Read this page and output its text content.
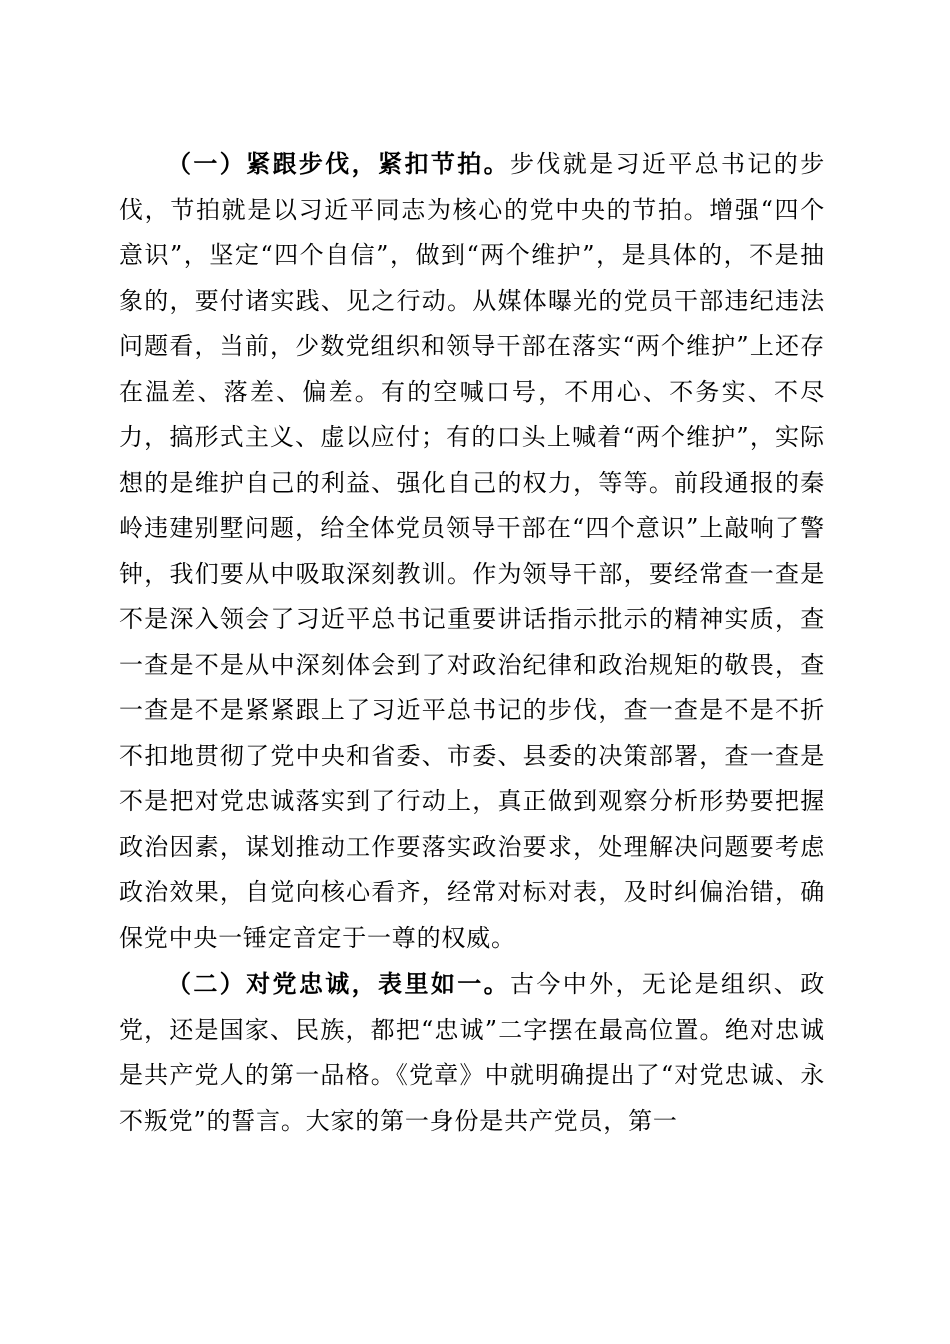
（一）紧跟步伐，紧扣节拍。步伐就是习近平总书记的步伐，节拍就是以习近平同志为核心的党中央的节拍。增强“四个意识”，坚定“四个自信”，做到“两个维护”，是具体的，不是抽象的，要付诸实践、见之行动。从媒体曝光的党员干部违纪违法问题看，当前，少数党组织和领导干部在落实“两个维护”上还存在温差、落差、偏差。有的空喊口号，不用心、不务实、不尽力，搞形式主义、虚以应付；有的口头上喊着“两个维护”，实际想的是维护自己的利益、强化自己的权力，等等。前段通报的秦岭违建别墅问题，给全体党员领导干部在“四个意识”上敲响了警钟，我们要从中吸取深刻教训。作为领导干部，要经常查一查是不是深入领会了习近平总书记重要讲话指示批示的精神实质，查一查是不是从中深刻体会到了对政治纪律和政治规矩的敬畏，查一查是不是紧紧跟上了习近平总书记的步伐，查一查是不是不折不扣地贯彻了党中央和省委、市委、县委的决策部署，查一查是不是把对党忠诚落实到了行动上，真正做到观察分析形势要把握政治因素，谋划推动工作要落实政治要求，处理解决问题要考虑政治效果，自觉向核心看齐，经常对标对表，及时纠偏治错，确保党中央一锤定音定于一尊的权威。

（二）对党忠诚，表里如一。古今中外，无论是组织、政党，还是国家、民族，都把“忠诚”二字摆在最高位置。绝对忠诚是共产党人的第一品格。《党章》中就明确提出了“对党忠诚、永不叛党”的誓言。大家的第一身份是共产党员，第一
